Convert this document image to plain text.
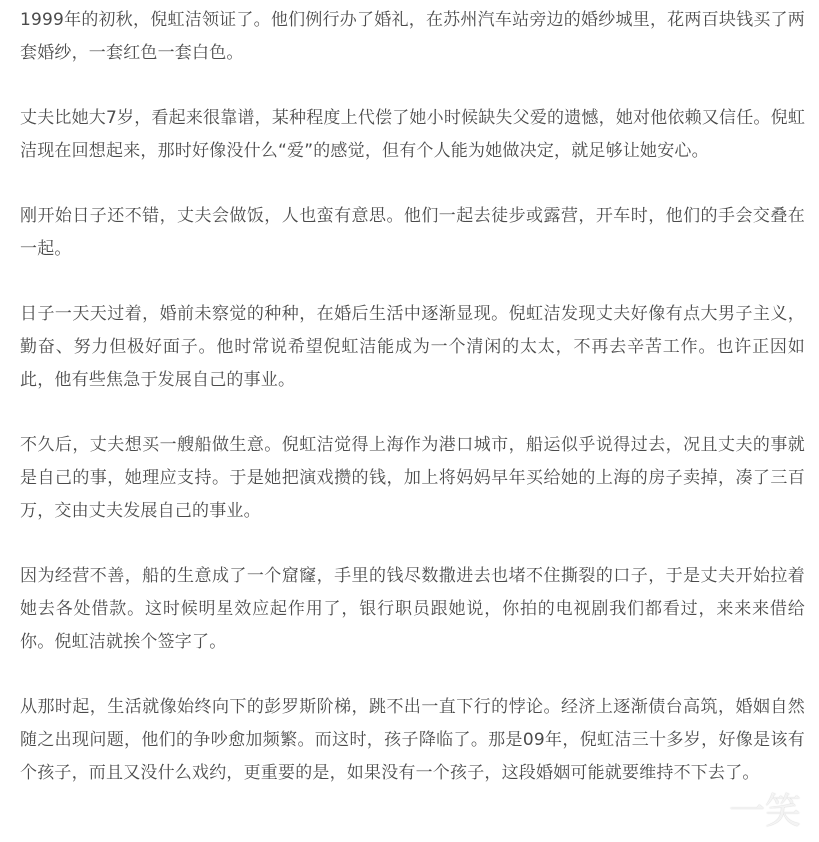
1999年的初秋，倪虹洁领证了。他们例行办了婚礼，在苏州汽车站旁边的婚纱城里，花两百块钱买了两套婚纱，一套红色一套白色。

丈夫比她大7岁，看起来很靠谱，某种程度上代偿了她小时候缺失父爱的遗憾，她对他依赖又信任。倪虹洁现在回想起来，那时好像没什么“爱”的感觉，但有个人能为她做决定，就足够让她安心。

刚开始日子还不错，丈夫会做饭，人也蛮有意思。他们一起去徒步或露营，开车时，他们的手会交叠在一起。

日子一天天过着，婚前未察觉的种种，在婚后生活中逐渐显现。倪虹洁发现丈夫好像有点大男子主义，勤奋、努力但极好面子。他时常说希望倪虹洁能成为一个清闲的太太，不再去辛苦工作。也许正因如此，他有些焦急于发展自己的事业。

不久后，丈夫想买一艘船做生意。倪虹洁觉得上海作为港口城市，船运似乎说得过去，况且丈夫的事就是自己的事，她理应支持。于是她把演戏攒的钱，加上将妈妈早年买给她的上海的房子卖掉，凑了三百万，交由丈夫发展自己的事业。

因为经营不善，船的生意成了一个窟窿，手里的钱尽数撒进去也堵不住撕裂的口子，于是丈夫开始拉着她去各处借款。这时候明星效应起作用了，银行职员跟她说，你拍的电视剧我们都看过，来来来借给你。倪虹洁就挨个签字了。

从那时起，生活就像始终向下的彭罗斯阶梯，跳不出一直下行的悖论。经济上逐渐债台高筑，婚姻自然随之出现问题，他们的争吵愈加频繁。而这时，孩子降临了。那是09年，倪虹洁三十多岁，好像是该有个孩子，而且又没什么戏约，更重要的是，如果没有一个孩子，这段婚姻可能就要维持不下去了。

一笑
